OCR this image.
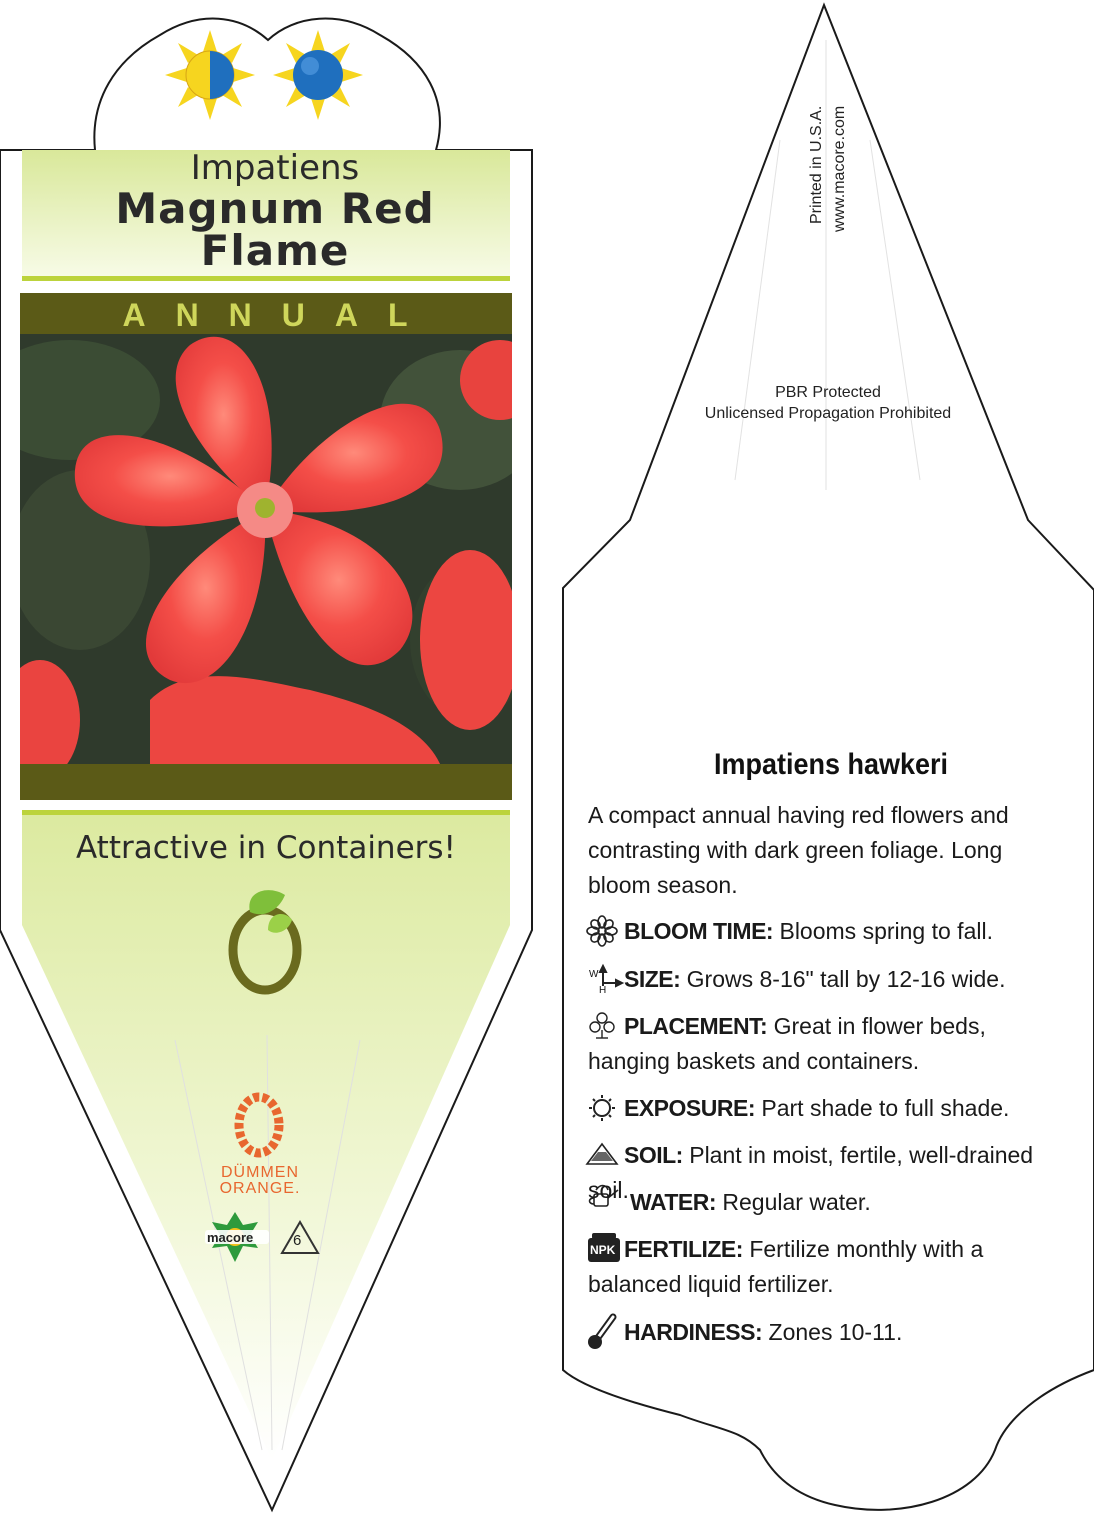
Impatiens
Magnum Red
Flame
ANNUAL
Attractive in Containers!
DÜMMEN
ORANGE.
macore	6
Printed in U.S.A. www.macore.com
PBR Protected
Unlicensed Propagation Prohibited
Impatiens hawkeri
A compact annual having red flowers and contrasting with dark green foliage. Long bloom season.
BLOOM TIME: Blooms spring to fall.
SIZE: Grows 8-16" tall by 12-16 wide.
W
H
PLACEMENT: Great in flower beds, hanging baskets and containers.
EXPOSURE: Part shade to full shade.
SOIL: Plant in moist, fertile, well-drained soil. WATER: Regular water.
FERTILIZE: Fertilize monthly with a balanced liquid fertilizer.
NPK
HARDINESS: Zones 10-11.
